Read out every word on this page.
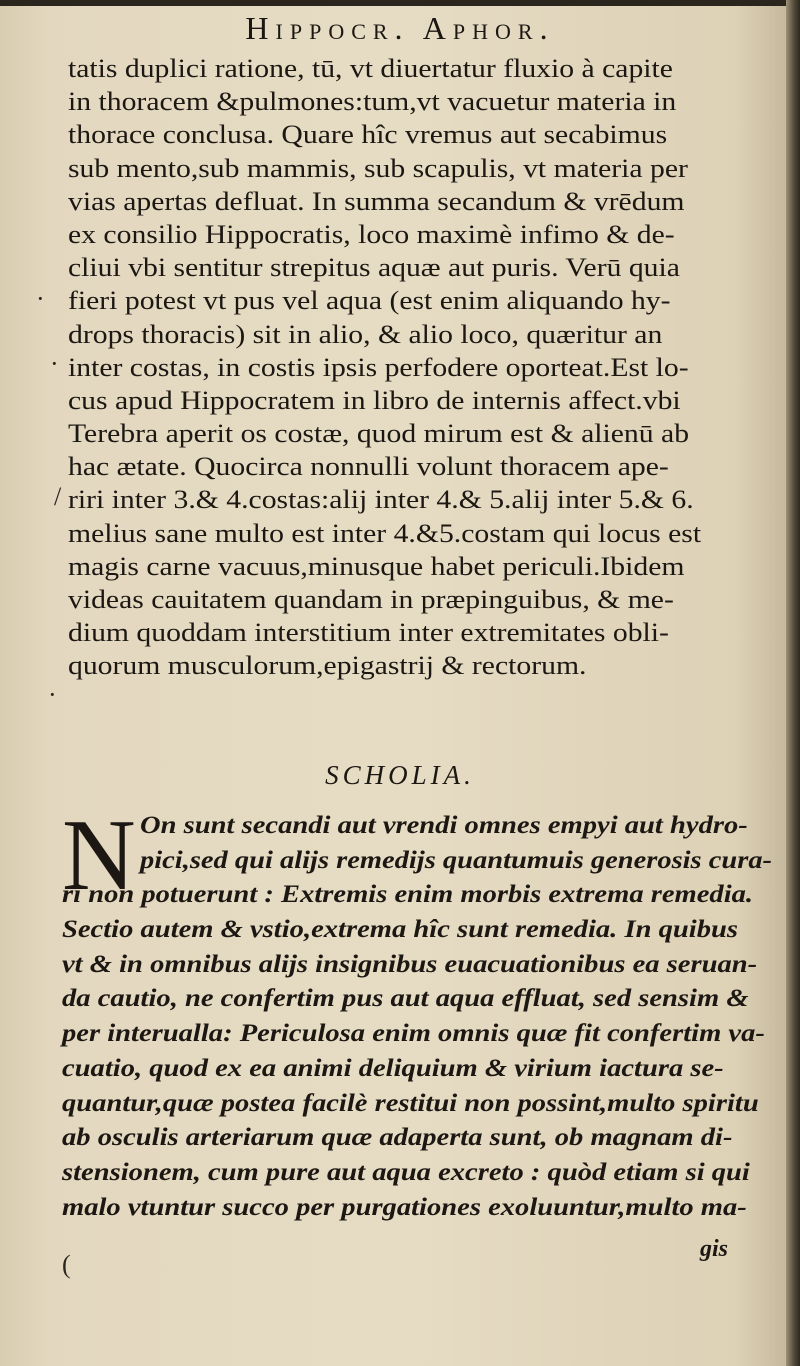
Hippocr. Aphor.
tatis duplici ratione, tū, vt diuertatur fluxio à capite
in thoracem &pulmones:tum,vt vacuetur materia in
thorace conclusa. Quare hîc vremus aut secabimus
sub mento,sub mammis, sub scapulis, vt materia per
vias apertas defluat. In summa secandum & vrēdum
ex consilio Hippocratis, loco maximè infimo & de-
cliui vbi sentitur strepitus aquæ aut puris. Verū quia
fieri potest vt pus vel aqua (est enim aliquando hy-
drops thoracis) sit in alio, & alio loco, quæritur an
inter costas, in costis ipsis perfodere oporteat.Est lo-
cus apud Hippocratem in libro de internis affect.vbi
Terebra aperit os costæ, quod mirum est & alienū ab
hac ætate. Quocirca nonnulli volunt thoracem ape-
riri inter 3.& 4.costas:alij inter 4.& 5.alij inter 5.& 6.
melius sane multo est inter 4.&5.costam qui locus est
magis carne vacuus,minusque habet periculi.Ibidem
videas cauitatem quandam in præpinguibus, & me-
dium quoddam interstitium inter extremitates obli-
quorum musculorum,epigastrij & rectorum.
·
·
/
·
SCHOLIA.
N On sunt secandi aut vrendi omnes empyi aut hydro-
pici,sed qui alijs remedijs quantumuis generosis cura-
ri non potuerunt : Extremis enim morbis extrema remedia.
Sectio autem & vstio,extrema hîc sunt remedia. In quibus
vt & in omnibus alijs insignibus euacuationibus ea seruan-
da cautio, ne confertim pus aut aqua effluat, sed sensim &
per interualla: Periculosa enim omnis quæ fit confertim va-
cuatio, quod ex ea animi deliquium & virium iactura se-
quantur,quæ postea facilè restitui non possint,multo spiritu
ab osculis arteriarum quæ adaperta sunt, ob magnam di-
stensionem, cum pure aut aqua excreto : quòd etiam si qui
malo vtuntur succo per purgationes exoluuntur,multo ma-
gis
(
